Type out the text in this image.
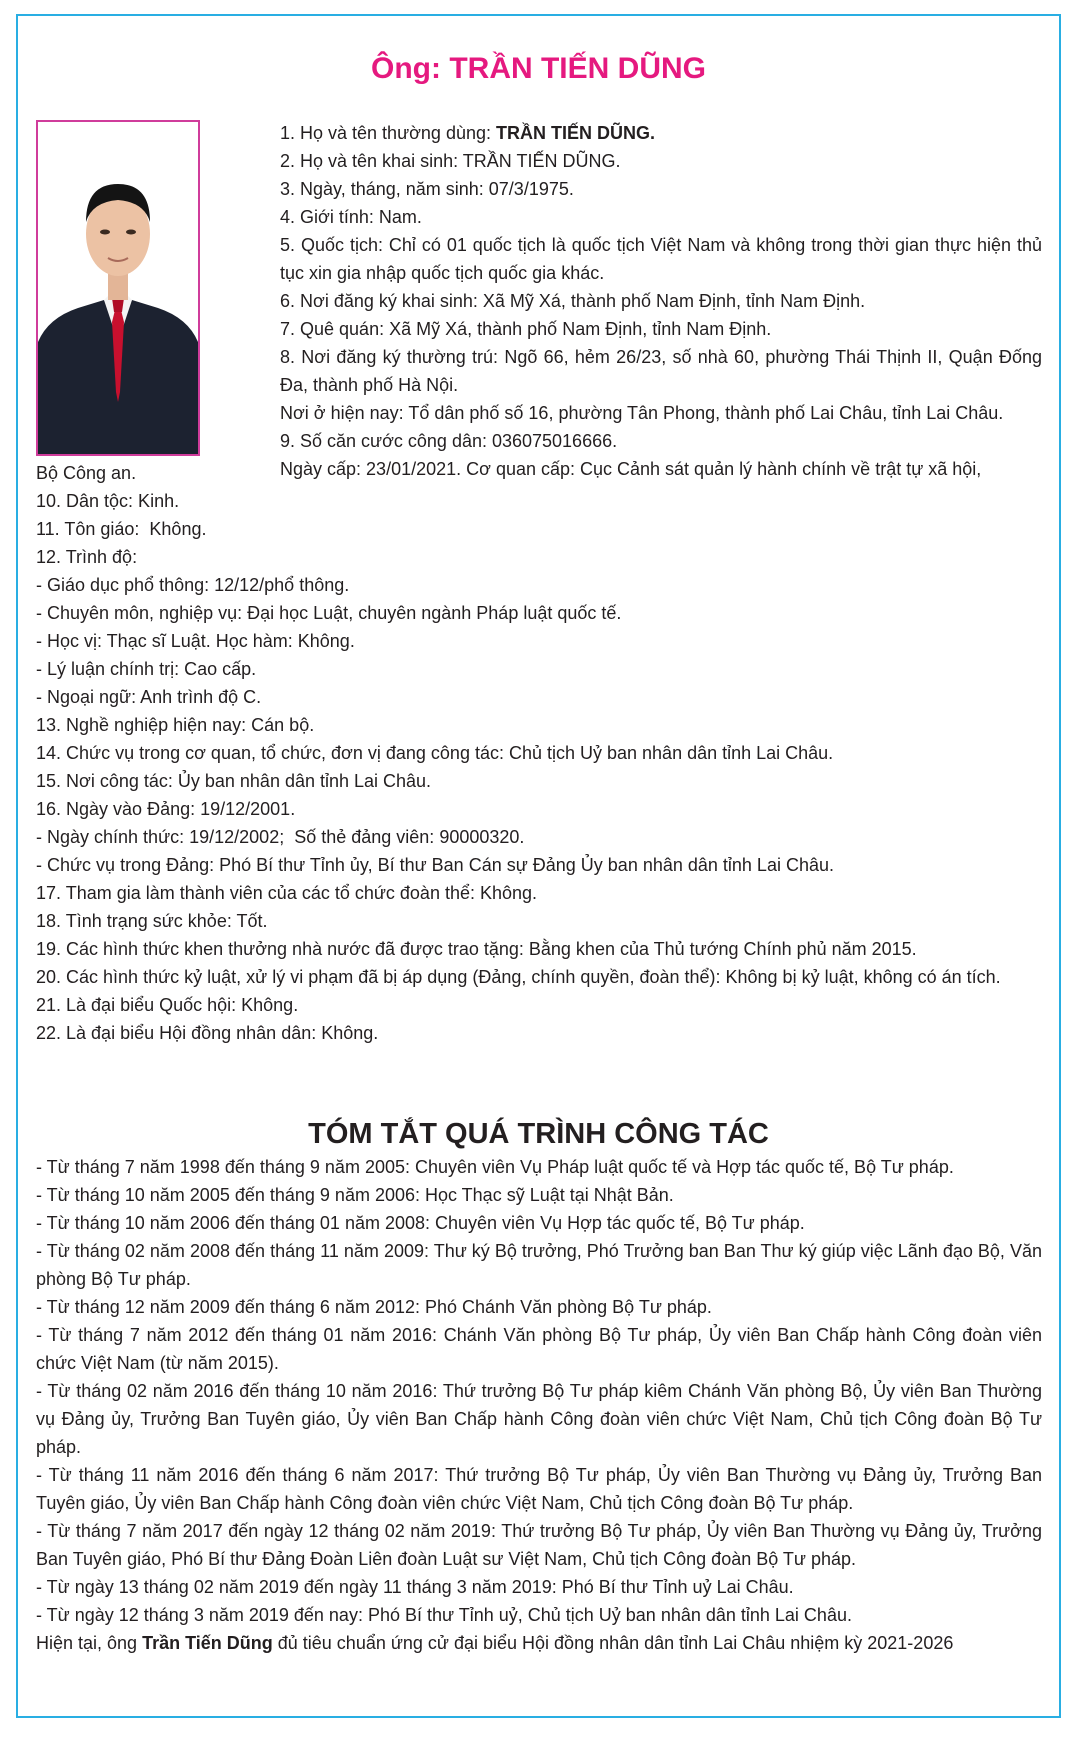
Ông: TRẦN TIẾN DŨNG
1. Họ và tên thường dùng: TRẦN TIẾN DŨNG.
2. Họ và tên khai sinh: TRẦN TIẾN DŨNG.
3. Ngày, tháng, năm sinh: 07/3/1975.
4. Giới tính: Nam.
5. Quốc tịch: Chỉ có 01 quốc tịch là quốc tịch Việt Nam và không trong thời gian thực hiện thủ tục xin gia nhập quốc tịch quốc gia khác.
6. Nơi đăng ký khai sinh: Xã Mỹ Xá, thành phố Nam Định, tỉnh Nam Định.
7. Quê quán: Xã Mỹ Xá, thành phố Nam Định, tỉnh Nam Định.
8. Nơi đăng ký thường trú: Ngõ 66, hẻm 26/23, số nhà 60, phường Thái Thịnh II, Quận Đống Đa, thành phố Hà Nội.
Nơi ở hiện nay: Tổ dân phố số 16, phường Tân Phong, thành phố Lai Châu, tỉnh Lai Châu.
9. Số căn cước công dân: 036075016666.
Ngày cấp: 23/01/2021. Cơ quan cấp: Cục Cảnh sát quản lý hành chính về trật tự xã hội,
Bộ Công an.
10. Dân tộc: Kinh.
11. Tôn giáo:  Không.
12. Trình độ:
- Giáo dục phổ thông: 12/12/phổ thông.
- Chuyên môn, nghiệp vụ: Đại học Luật, chuyên ngành Pháp luật quốc tế.
- Học vị: Thạc sĩ Luật. Học hàm: Không.
- Lý luận chính trị: Cao cấp.
- Ngoại ngữ: Anh trình độ C.
13. Nghề nghiệp hiện nay: Cán bộ.
14. Chức vụ trong cơ quan, tổ chức, đơn vị đang công tác: Chủ tịch Uỷ ban nhân dân tỉnh Lai Châu.
15. Nơi công tác: Ủy ban nhân dân tỉnh Lai Châu.
16. Ngày vào Đảng: 19/12/2001.
- Ngày chính thức: 19/12/2002;  Số thẻ đảng viên: 90000320.
- Chức vụ trong Đảng: Phó Bí thư Tỉnh ủy, Bí thư Ban Cán sự Đảng Ủy ban nhân dân tỉnh Lai Châu.
17. Tham gia làm thành viên của các tổ chức đoàn thể: Không.
18. Tình trạng sức khỏe: Tốt.
19. Các hình thức khen thưởng nhà nước đã được trao tặng: Bằng khen của Thủ tướng Chính phủ năm 2015.
20. Các hình thức kỷ luật, xử lý vi phạm đã bị áp dụng (Đảng, chính quyền, đoàn thể): Không bị kỷ luật, không có án tích.
21. Là đại biểu Quốc hội: Không.
22. Là đại biểu Hội đồng nhân dân: Không.
TÓM TẮT QUÁ TRÌNH CÔNG TÁC
- Từ tháng 7 năm 1998 đến tháng 9 năm 2005: Chuyên viên Vụ Pháp luật quốc tế và Hợp tác quốc tế, Bộ Tư pháp.
- Từ tháng 10 năm 2005 đến tháng 9 năm 2006: Học Thạc sỹ Luật tại Nhật Bản.
- Từ tháng 10 năm 2006 đến tháng 01 năm 2008: Chuyên viên Vụ Hợp tác quốc tế, Bộ Tư pháp.
- Từ tháng 02 năm 2008 đến tháng 11 năm 2009: Thư ký Bộ trưởng, Phó Trưởng ban Ban Thư ký giúp việc Lãnh đạo Bộ, Văn phòng Bộ Tư pháp.
- Từ tháng 12 năm 2009 đến tháng 6 năm 2012: Phó Chánh Văn phòng Bộ Tư pháp.
- Từ tháng 7 năm 2012 đến tháng 01 năm 2016: Chánh Văn phòng Bộ Tư pháp, Ủy viên Ban Chấp hành Công đoàn viên chức Việt Nam (từ năm 2015).
- Từ tháng 02 năm 2016 đến tháng 10 năm 2016: Thứ trưởng Bộ Tư pháp kiêm Chánh Văn phòng Bộ, Ủy viên Ban Thường vụ Đảng ủy, Trưởng Ban Tuyên giáo, Ủy viên Ban Chấp hành Công đoàn viên chức Việt Nam, Chủ tịch Công đoàn Bộ Tư pháp.
- Từ tháng 11 năm 2016 đến tháng 6 năm 2017: Thứ trưởng Bộ Tư pháp, Ủy viên Ban Thường vụ Đảng ủy, Trưởng Ban Tuyên giáo, Ủy viên Ban Chấp hành Công đoàn viên chức Việt Nam, Chủ tịch Công đoàn Bộ Tư pháp.
- Từ tháng 7 năm 2017 đến ngày 12 tháng 02 năm 2019: Thứ trưởng Bộ Tư pháp, Ủy viên Ban Thường vụ Đảng ủy, Trưởng Ban Tuyên giáo, Phó Bí thư Đảng Đoàn Liên đoàn Luật sư Việt Nam, Chủ tịch Công đoàn Bộ Tư pháp.
- Từ ngày 13 tháng 02 năm 2019 đến ngày 11 tháng 3 năm 2019: Phó Bí thư Tỉnh uỷ Lai Châu.
- Từ ngày 12 tháng 3 năm 2019 đến nay: Phó Bí thư Tỉnh uỷ, Chủ tịch Uỷ ban nhân dân tỉnh Lai Châu.
Hiện tại, ông Trần Tiến Dũng đủ tiêu chuẩn ứng cử đại biểu Hội đồng nhân dân tỉnh Lai Châu nhiệm kỳ 2021-2026
